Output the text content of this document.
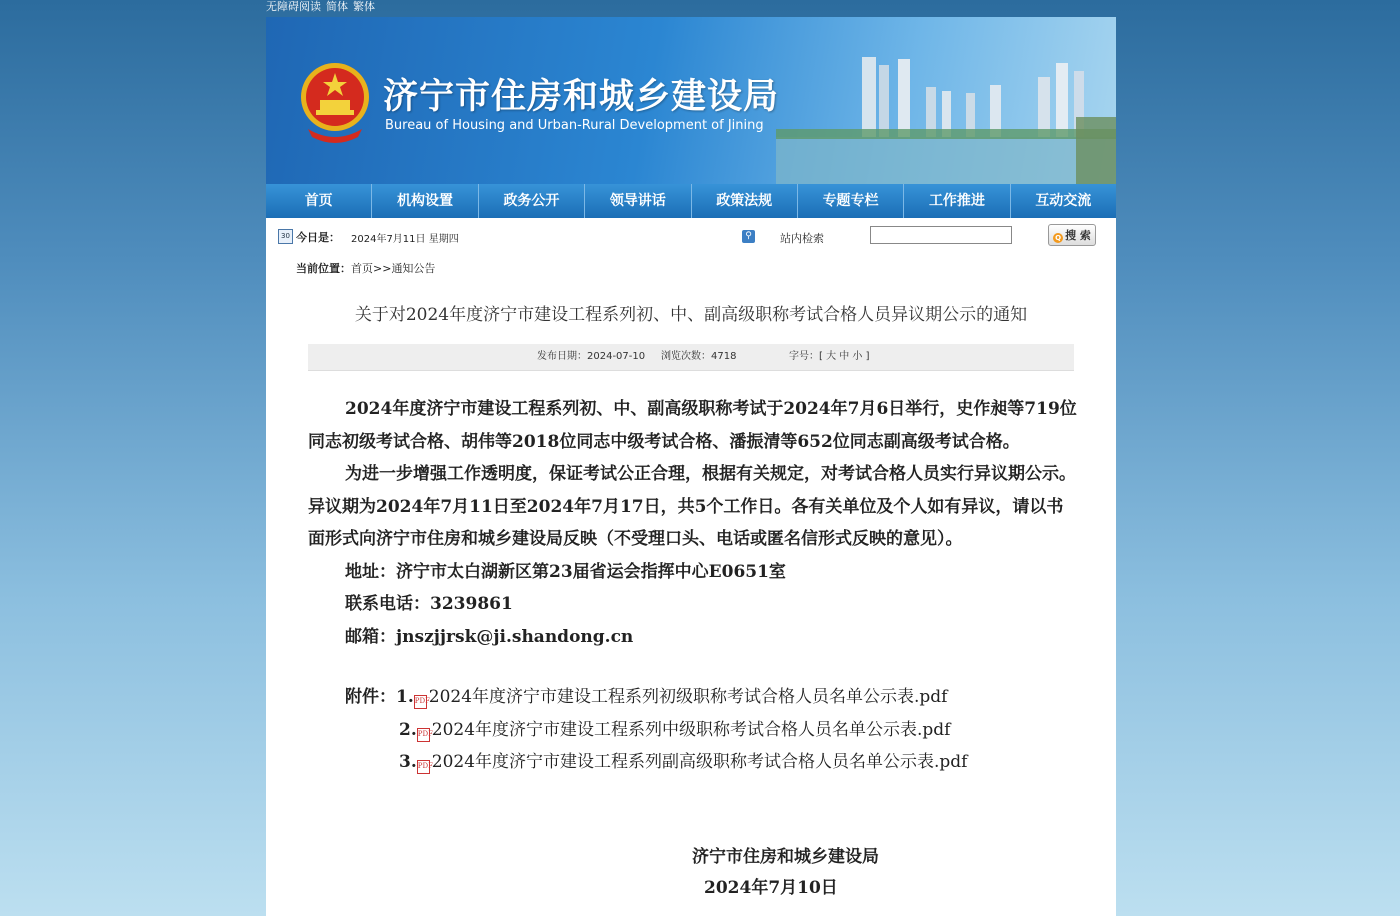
无障碍阅读 简体 繁体
济宁市住房和城乡建设局
Bureau of Housing and Urban-Rural Development of Jining
首页	机构设置	政务公开	领导讲话	政策法规	专题专栏	工作推进	互动交流
30 今日是： 2024年7月11日 星期四	⚲	站内检索	Q 搜 索
当前位置：首页>>通知公告
关于对2024年度济宁市建设工程系列初、中、副高级职称考试合格人员异议期公示的通知
发布日期：2024-07-10 浏览次数：4718	字号：[ 大 中 小 ]

2024年度济宁市建设工程系列初、中、副高级职称考试于2024年7月6日举行，史作昶等719位同志初级考试合格、胡伟等2018位同志中级考试合格、潘振清等652位同志副高级考试合格。

为进一步增强工作透明度，保证考试公正合理，根据有关规定，对考试合格人员实行异议期公示。异议期为2024年7月11日至2024年7月17日，共5个工作日。各有关单位及个人如有异议，请以书面形式向济宁市住房和城乡建设局反映（不受理口头、电话或匿名信形式反映的意见）。

地址：济宁市太白湖新区第23届省运会指挥中心E0651室

联系电话：3239861

邮箱：jnszjjrsk@ji.shandong.cn

附件：1.PDF2024年度济宁市建设工程系列初级职称考试合格人员名单公示表.pdf
2.PDF2024年度济宁市建设工程系列中级职称考试合格人员名单公示表.pdf
3.PDF2024年度济宁市建设工程系列副高级职称考试合格人员名单公示表.pdf
济宁市住房和城乡建设局
2024年7月10日
